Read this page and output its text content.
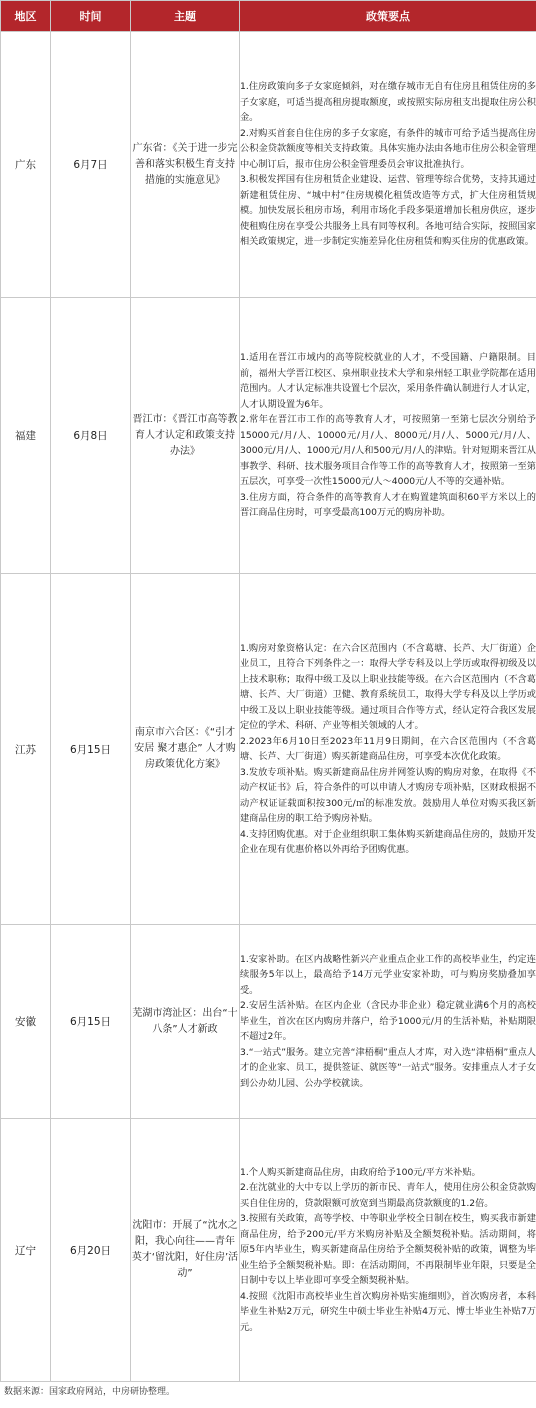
地区	时间	主题	政策要点
广东	6月7日	广东省：《关于进一步完善和落实积极生育支持措施的实施意见》	1.住房政策向多子女家庭倾斜，对在缴存城市无自有住房且租赁住房的多子女家庭，可适当提高租房提取额度，或按照实际房租支出提取住房公积金。
2.对购买首套自住住房的多子女家庭，有条件的城市可给予适当提高住房公积金贷款额度等相关支持政策。具体实施办法由各地市住房公积金管理中心制订后，报市住房公积金管理委员会审议批准执行。
3.积极发挥国有住房租赁企业建设、运营、管理等综合优势，支持其通过新建租赁住房、“城中村”住房规模化租赁改造等方式，扩大住房租赁规模。加快发展长租房市场，利用市场化手段多渠道增加长租房供应，逐步使租购住房在享受公共服务上具有同等权利。各地可结合实际，按照国家相关政策规定，进一步制定实施差异化住房租赁和购买住房的优惠政策。

福建	6月8日	晋江市：《晋江市高等教育人才认定和政策支持办法》	1.适用在晋江市域内的高等院校就业的人才，不受国籍、户籍限制。目前，福州大学晋江校区、泉州职业技术大学和泉州轻工职业学院都在适用范围内。人才认定标准共设置七个层次，采用条件确认制进行人才认定，人才认期设置为6年。
2.常年在晋江市工作的高等教育人才，可按照第一至第七层次分别给予15000元/月/人、10000元/月/人、8000元/月/人、5000元/月/人、3000元/月/人、1000元/月/人和500元/月/人的津贴。针对短期来晋江从事教学、科研、技术服务项目合作等工作的高等教育人才，按照第一至第五层次，可享受一次性15000元/人～4000元/人不等的交通补贴。
3.住房方面，符合条件的高等教育人才在购置建筑面积60平方米以上的晋江商品住房时，可享受最高100万元的购房补助。

江苏	6月15日	南京市六合区：《“引才安居 聚才惠企” 人才购房政策优化方案》	1.购房对象资格认定：在六合区范围内（不含葛塘、长芦、大厂街道）企业员工，且符合下列条件之一：取得大学专科及以上学历或取得初级及以上技术职称；取得中级工及以上职业技能等级。在六合区范围内（不含葛塘、长芦、大厂街道）卫健、教育系统员工，取得大学专科及以上学历或中级工及以上职业技能等级。通过项目合作等方式，经认定符合我区发展定位的学术、科研、产业等相关领域的人才。
2.2023年6月10日至2023年11月9日期间，在六合区范围内（不含葛塘、长芦、大厂街道）购买新建商品住房，可享受本次优化政策。
3.发放专项补贴。购买新建商品住房并网签认购的购房对象，在取得《不动产权证书》后，符合条件的可以申请人才购房专项补贴，区财政根据不动产权证证载面积按300元/㎡的标准发放。鼓励用人单位对购买我区新建商品住房的职工给予购房补贴。
4.支持团购优惠。对于企业组织职工集体购买新建商品住房的，鼓励开发企业在现有优惠价格以外再给予团购优惠。

安徽	6月15日	芜湖市湾沚区：出台“十八条”人才新政	1.安家补助。在区内战略性新兴产业重点企业工作的高校毕业生，约定连续服务5年以上，最高给予14万元学业安家补助，可与购房奖励叠加享受。
2.安居生活补贴。在区内企业（含民办非企业）稳定就业满6个月的高校毕业生，首次在区内购房并落户，给予1000元/月的生活补贴，补贴期限不超过2年。
3.“一站式”服务。建立完善“津梧桐”重点人才库，对入选“津梧桐”重点人才的企业家、员工，提供签证、就医等“一站式”服务。安排重点人才子女到公办幼儿园、公办学校就读。

辽宁	6月20日	沈阳市：开展了“沈水之阳，我心向往——青年英才‘留沈阳，好住房’活动”	1.个人购买新建商品住房，由政府给予100元/平方米补贴。
2.在沈就业的大中专以上学历的新市民、青年人，使用住房公积金贷款购买自住住房的，贷款限额可放宽到当期最高贷款额度的1.2倍。
3.按照有关政策，高等学校、中等职业学校全日制在校生，购买我市新建商品住房，给予200元/平方米购房补贴及全额契税补贴。活动期间，将原5年内毕业生，购买新建商品住房给予全额契税补贴的政策，调整为毕业生给予全额契税补贴。即：在活动期间，不再限制毕业年限，只要是全日制中专以上毕业即可享受全额契税补贴。
4.按照《沈阳市高校毕业生首次购房补贴实施细则》，首次购房者，本科毕业生补贴2万元，研究生中硕士毕业生补贴4万元、博士毕业生补贴7万元。
数据来源：国家政府网站，中房研协整理。
